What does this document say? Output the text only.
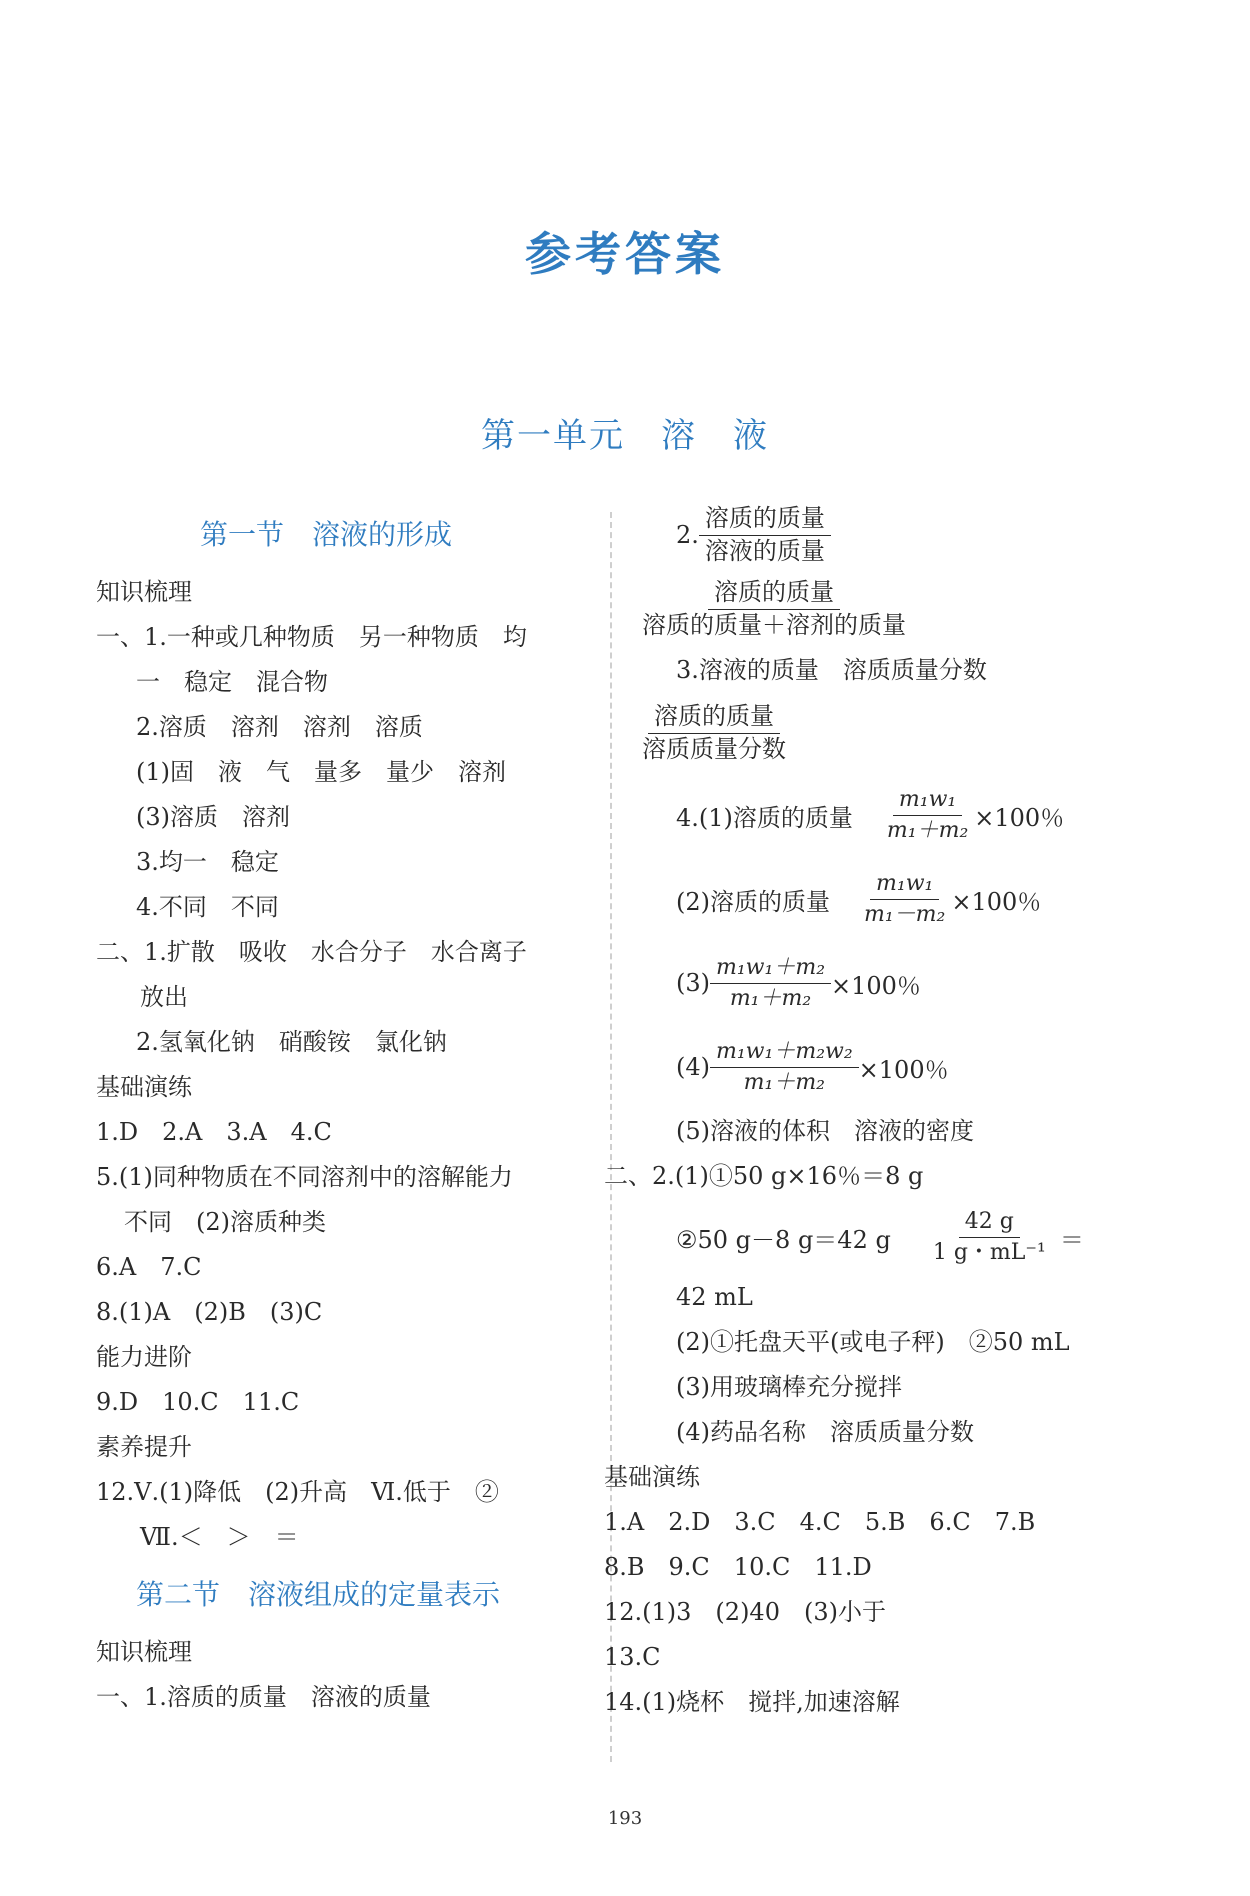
参考答案
第一单元　溶　液
第一节　溶液的形成
知识梳理
一、1.一种或几种物质　另一种物质　均
一　稳定　混合物
2.溶质　溶剂　溶剂　溶质
(1)固　液　气　量多　量少　溶剂
(3)溶质　溶剂
3.均一　稳定
4.不同　不同
二、1.扩散　吸收　水合分子　水合离子
放出
2.氢氧化钠　硝酸铵　氯化钠
基础演练
1.D　2.A　3.A　4.C
5.(1)同种物质在不同溶剂中的溶解能力
不同　(2)溶质种类
6.A　7.C
8.(1)A　(2)B　(3)C
能力进阶
9.D　10.C　11.C
素养提升
12.Ⅴ.(1)降低　(2)升高　Ⅵ.低于　②
Ⅶ.＜　＞　＝
第二节　溶液组成的定量表示
知识梳理
一、1.溶质的质量　溶液的质量
2. $\frac{\text{溶质的质量}}{\text{溶液的质量}}$
$\frac{\text{溶质的质量}}{\text{溶质的质量＋溶剂的质量}}$
3.溶液的质量　溶质质量分数
$\frac{\text{溶质的质量}}{\text{溶质质量分数}}$
4.(1)溶质的质量 $\frac{\text{m₁w₁}}{\text{m₁＋m₂}} \times 100$％
(2)溶质的质量 $\frac{\text{m₁w₁}}{\text{m₁－m₂}} \times 100$％
$(3) \frac{\text{m₁w₁＋m₂}}{\text{m₁＋m₂}} \times 100$％
$(4) \frac{\text{m₁w₁＋m₂w₂}}{\text{m₁＋m₂}} \times 100$％
(5)溶液的体积　溶液的密度
二、2.(1)①50 g×16％＝8 g
②50 g－8 g＝42 g $\frac{42 g}{\text{1 g・mL⁻¹}}$ ＝
42 mL
(2)①托盘天平(或电子秤)　②50 mL
(3)用玻璃棒充分搅拌
(4)药品名称　溶质质量分数
基础演练
1.A　2.D　3.C　4.C　5.B　6.C　7.B
8.B　9.C　10.C　11.D
12.(1)3　(2)40　(3)小于
13.C
14.(1)烧杯　搅拌,加速溶解
193
